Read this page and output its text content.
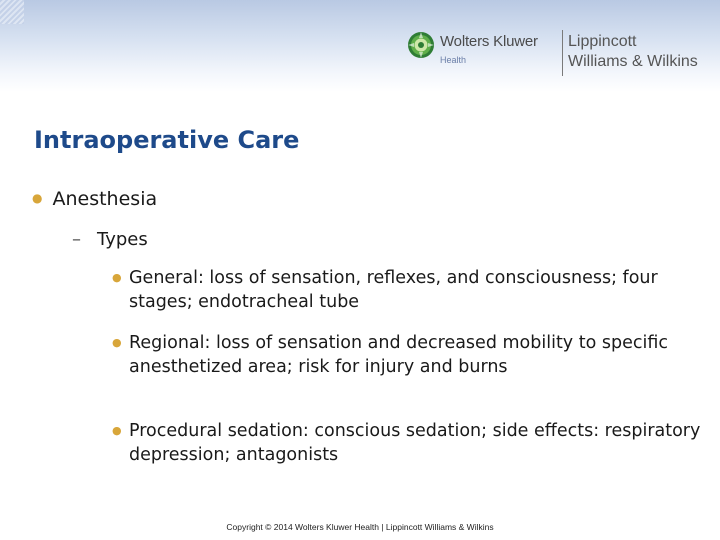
Wolters Kluwer
Health
Lippincott
Williams & Wilkins
Intraoperative Care
● Anesthesia
– Types
● General: loss of sensation, reflexes, and consciousness; four stages; endotracheal tube
● Regional: loss of sensation and decreased mobility to specific anesthetized area; risk for injury and burns
● Procedural sedation: conscious sedation; side effects: respiratory depression; antagonists
Copyright © 2014 Wolters Kluwer Health | Lippincott Williams & Wilkins
